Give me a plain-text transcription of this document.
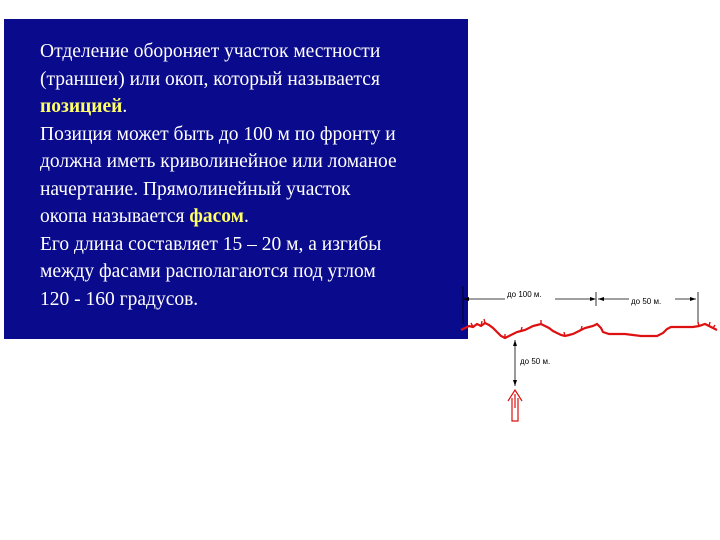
Отделение обороняет участок местности
(траншеи) или окоп, который называется
позицией.
Позиция может быть до 100 м по фронту и
должна иметь криволинейное или ломаное
начертание. Прямолинейный участок
окопа называется фасом.
Его длина составляет 15 – 20 м, а изгибы
между фасами располагаются под углом
120 - 160 градусов.	до 100 м.
до 50 м.
до 50 м.
